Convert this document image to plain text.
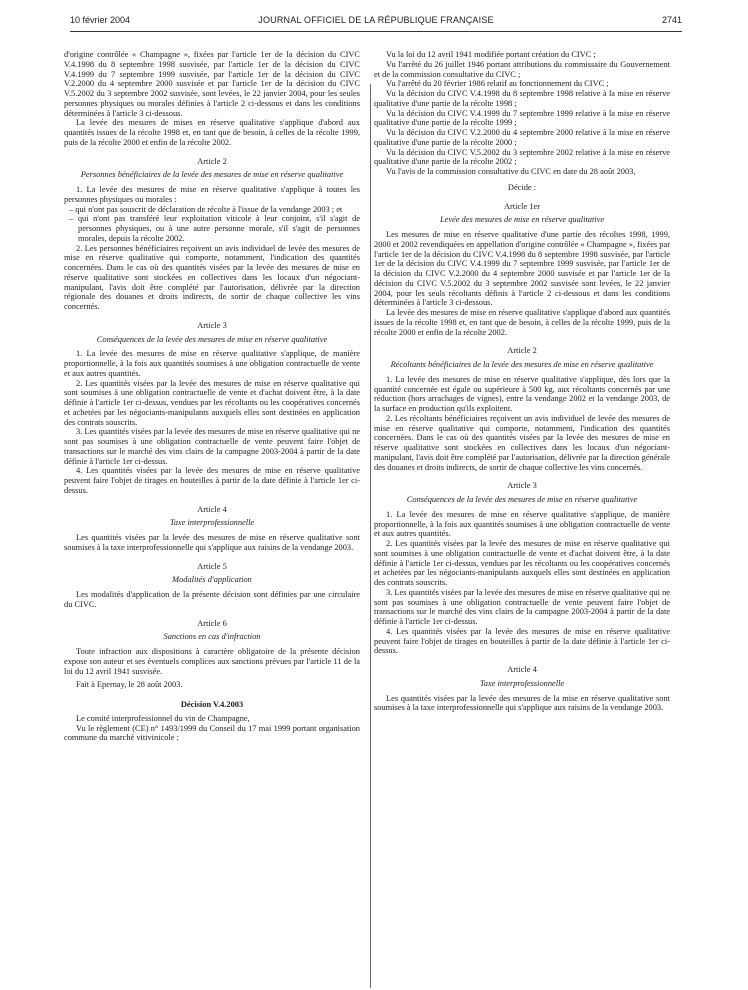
10 février 2004	JOURNAL OFFICIEL DE LA RÉPUBLIQUE FRANÇAISE	2741

d'origine contrôlée « Champagne », fixées par l'article 1er de la décision du CIVC V.4.1998 du 8 septembre 1998 susvisée, par l'article 1er de la décision du CIVC V.4.1999 du 7 septembre 1999 susvisée, par l'article 1er de la décision du CIVC V.2.2000 du 4 septembre 2000 susvisée et par l'article 1er de la décision du CIVC V.5.2002 du 3 septembre 2002 susvisée, sont levées, le 22 janvier 2004, pour les seules personnes physiques ou morales définies à l'article 2 ci-dessous et dans les conditions déterminées à l'article 3 ci-dessous.

La levée des mesures de mises en réserve qualitative s'applique d'abord aux quantités issues de la récolte 1998 et, en tant que de besoin, à celles de la récolte 1999, puis de la récolte 2000 et enfin de la récolte 2002.

Article 2
Personnes bénéficiaires de la levée des mesures de mise en réserve qualitative

1. La levée des mesures de mise en réserve qualitative s'applique à toutes les personnes physiques ou morales :

– qui n'ont pas souscrit de déclaration de récolte à l'issue de la vendange 2003 ; et

– qui n'ont pas transféré leur exploitation viticole à leur conjoint, s'il s'agit de personnes physiques, ou à une autre personne morale, s'il s'agit de personnes morales, depuis la récolte 2002.

2. Les personnes bénéficiaires reçoivent un avis individuel de levée des mesures de mise en réserve qualitative qui comporte, notamment, l'indication des quantités concernées. Dans le cas où des quantités visées par la levée des mesures de mise en réserve qualitative sont stockées en collectives dans les locaux d'un négociant-manipulant, l'avis doit être complété par l'autorisation, délivrée par la direction régionale des douanes et droits indirects, de sortir de chaque collective les vins concernés.

Article 3
Conséquences de la levée des mesures de mise en réserve qualitative

1. La levée des mesures de mise en réserve qualitative s'applique, de manière proportionnelle, à la fois aux quantités soumises à une obligation contractuelle de vente et aux autres quantités.

2. Les quantités visées par la levée des mesures de mise en réserve qualitative qui sont soumises à une obligation contractuelle de vente et d'achat doivent être, à la date définie à l'article 1er ci-dessus, vendues par les récoltants ou les coopératives concernés et achetées par les négociants-manipulants auxquels elles sont destinées en application des contrats souscrits.

3. Les quantités visées par la levée des mesures de mise en réserve qualitative qui ne sont pas soumises à une obligation contractuelle de vente peuvent faire l'objet de transactions sur le marché des vins clairs de la campagne 2003-2004 à partir de la date définie à l'article 1er ci-dessus.

4. Les quantités visées par la levée des mesures de mise en réserve qualitative peuvent faire l'objet de tirages en bouteilles à partir de la date définie à l'article 1er ci-dessus.

Article 4
Taxe interprofessionnelle

Les quantités visées par la levée des mesures de mise en réserve qualitative sont soumises à la taxe interprofessionnelle qui s'applique aux raisins de la vendange 2003.

Article 5
Modalités d'application

Les modalités d'application de la présente décision sont définies par une circulaire du CIVC.

Article 6
Sanctions en cas d'infraction

Toute infraction aux dispositions à caractère obligatoire de la présente décision expose son auteur et ses éventuels complices aux sanctions prévues par l'article 11 de la loi du 12 avril 1941 susvisée.

Fait à Epernay, le 28 août 2003.

Décision V.4.2003

Le comité interprofessionnel du vin de Champagne,

Vu le règlement (CE) n° 1493/1999 du Conseil du 17 mai 1999 portant organisation commune du marché vitivinicole ;

Vu la loi du 12 avril 1941 modifiée portant création du CIVC ;

Vu l'arrêté du 26 juillet 1946 portant attributions du commissaire du Gouvernement et de la commission consultative du CIVC ;

Vu l'arrêté du 20 février 1986 relatif au fonctionnement du CIVC ;

Vu la décision du CIVC V.4.1998 du 8 septembre 1998 relative à la mise en réserve qualitative d'une partie de la récolte 1998 ;

Vu la décision du CIVC V.4.1999 du 7 septembre 1999 relative à la mise en réserve qualitative d'une partie de la récolte 1999 ;

Vu la décision du CIVC V.2.2000 du 4 septembre 2000 relative à la mise en réserve qualitative d'une partie de la récolte 2000 ;

Vu la décision du CIVC V.5.2002 du 3 septembre 2002 relative à la mise en réserve qualitative d'une partie de la récolte 2002 ;

Vu l'avis de la commission consultative du CIVC en date du 28 août 2003,

Décide :
Article 1er
Levée des mesures de mise en réserve qualitative

Les mesures de mise en réserve qualitative d'une partie des récoltes 1998, 1999, 2000 et 2002 revendiquées en appellation d'origine contrôlée « Champagne », fixées par l'article 1er de la décision du CIVC V.4.1998 du 8 septembre 1998 susvisée, par l'article 1er de la décision du CIVC V.4.1999 du 7 septembre 1999 susvisée, par l'article 1er de la décision du CIVC V.2.2000 du 4 septembre 2000 susvisée et par l'article 1er de la décision du CIVC V.5.2002 du 3 septembre 2002 susvisée sont levées, le 22 janvier 2004, pour les seuls récoltants définis à l'article 2 ci-dessous et dans les conditions déterminées à l'article 3 ci-dessous.

La levée des mesures de mise en réserve qualitative s'applique d'abord aux quantités issues de la récolte 1998 et, en tant que de besoin, à celles de la récolte 1999, puis de la récolte 2000 et enfin de la récolte 2002.

Article 2
Récoltants bénéficiaires de la levée des mesures de mise en réserve qualitative

1. La levée des mesures de mise en réserve qualitative s'applique, dès lors que la quantité concernée est égale ou supérieure à 500 kg, aux récoltants concernés par une réduction (hors arrachages de vignes), entre la vendange 2002 et la vendange 2003, de la surface en production qu'ils exploitent.

2. Les récoltants bénéficiaires reçoivent un avis individuel de levée des mesures de mise en réserve qualitative qui comporte, notamment, l'indication des quantités concernées. Dans le cas où des quantités visées par la levée des mesures de mise en réserve qualitative sont stockées en collectives dans les locaux d'un négociant-manipulant, l'avis doit être complété par l'autorisation, délivrée par la direction générale des douanes et droits indirects, de sortir de chaque collective les vins concernés.

Article 3
Conséquences de la levée des mesures de mise en réserve qualitative

1. La levée des mesures de mise en réserve qualitative s'applique, de manière proportionnelle, à la fois aux quantités soumises à une obligation contractuelle de vente et aux autres quantités.

2. Les quantités visées par la levée des mesures de mise en réserve qualitative qui sont soumises à une obligation contractuelle de vente et d'achat doivent être, à la date définie à l'article 1er ci-dessus, vendues par les récoltants ou les coopératives concernés et achetées par les négociants-manipulants auxquels elles sont destinées en application des contrats souscrits.

3. Les quantités visées par la levée des mesures de mise en réserve qualitative qui ne sont pas soumises à une obligation contractuelle de vente peuvent faire l'objet de transactions sur le marché des vins clairs de la campagne 2003-2004 à partir de la date définie à l'article 1er ci-dessus.

4. Les quantités visées par la levée des mesures de mise en réserve qualitative peuvent faire l'objet de tirages en bouteilles à partir de la date définie à l'article 1er ci-dessus.

Article 4
Taxe interprofessionnelle

Les quantités visées par la levée des mesures de la mise en réserve qualitative sont soumises à la taxe interprofessionnelle qui s'applique aux raisins de la vendange 2003.
